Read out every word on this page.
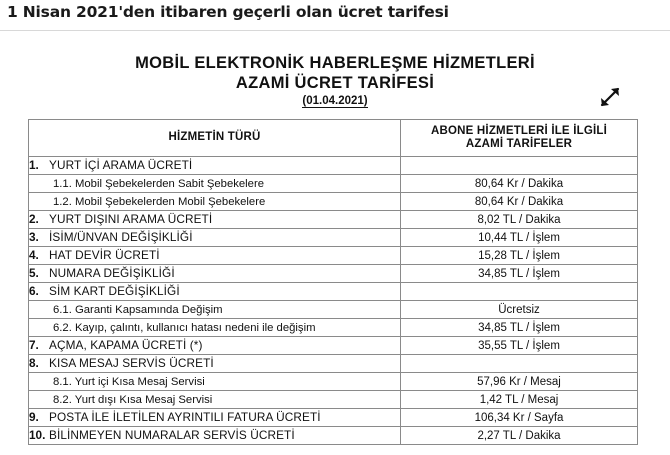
1 Nisan 2021'den itibaren geçerli olan ücret tarifesi
MOBİL ELEKTRONİK HABERLEŞME HİZMETLERİ
AZAMİ ÜCRET TARİFESİ
(01.04.2021)
HİZMETİN TÜRÜ	ABONE HİZMETLERİ İLE İLGİLİ
AZAMİ TARİFELER

1. YURT İÇİ ARAMA ÜCRETİ	
1.1. Mobil Şebekelerden Sabit Şebekelere	80,64 Kr / Dakika
1.2. Mobil Şebekelerden Mobil Şebekelere	80,64 Kr / Dakika
2. YURT DIŞINI ARAMA ÜCRETİ	8,02 TL / Dakika
3. İSİM/ÜNVAN DEĞİŞİKLİĞİ	10,44 TL / İşlem
4. HAT DEVİR ÜCRETİ	15,28 TL / İşlem
5. NUMARA DEĞİŞİKLİĞİ	34,85 TL / İşlem
6. SİM KART DEĞİŞİKLİĞİ	
6.1. Garanti Kapsamında Değişim	Ücretsiz
6.2. Kayıp, çalıntı, kullanıcı hatası nedeni ile değişim	34,85 TL / İşlem
7. AÇMA, KAPAMA ÜCRETİ (*)	35,55 TL / İşlem
8. KISA MESAJ SERVİS ÜCRETİ	
8.1. Yurt içi Kısa Mesaj Servisi	57,96 Kr / Mesaj
8.2. Yurt dışı Kısa Mesaj Servisi	1,42 TL / Mesaj
9. POSTA İLE İLETİLEN AYRINTILI FATURA ÜCRETİ	106,34 Kr / Sayfa
10. BİLİNMEYEN NUMARALAR SERVİS ÜCRETİ	2,27 TL / Dakika
